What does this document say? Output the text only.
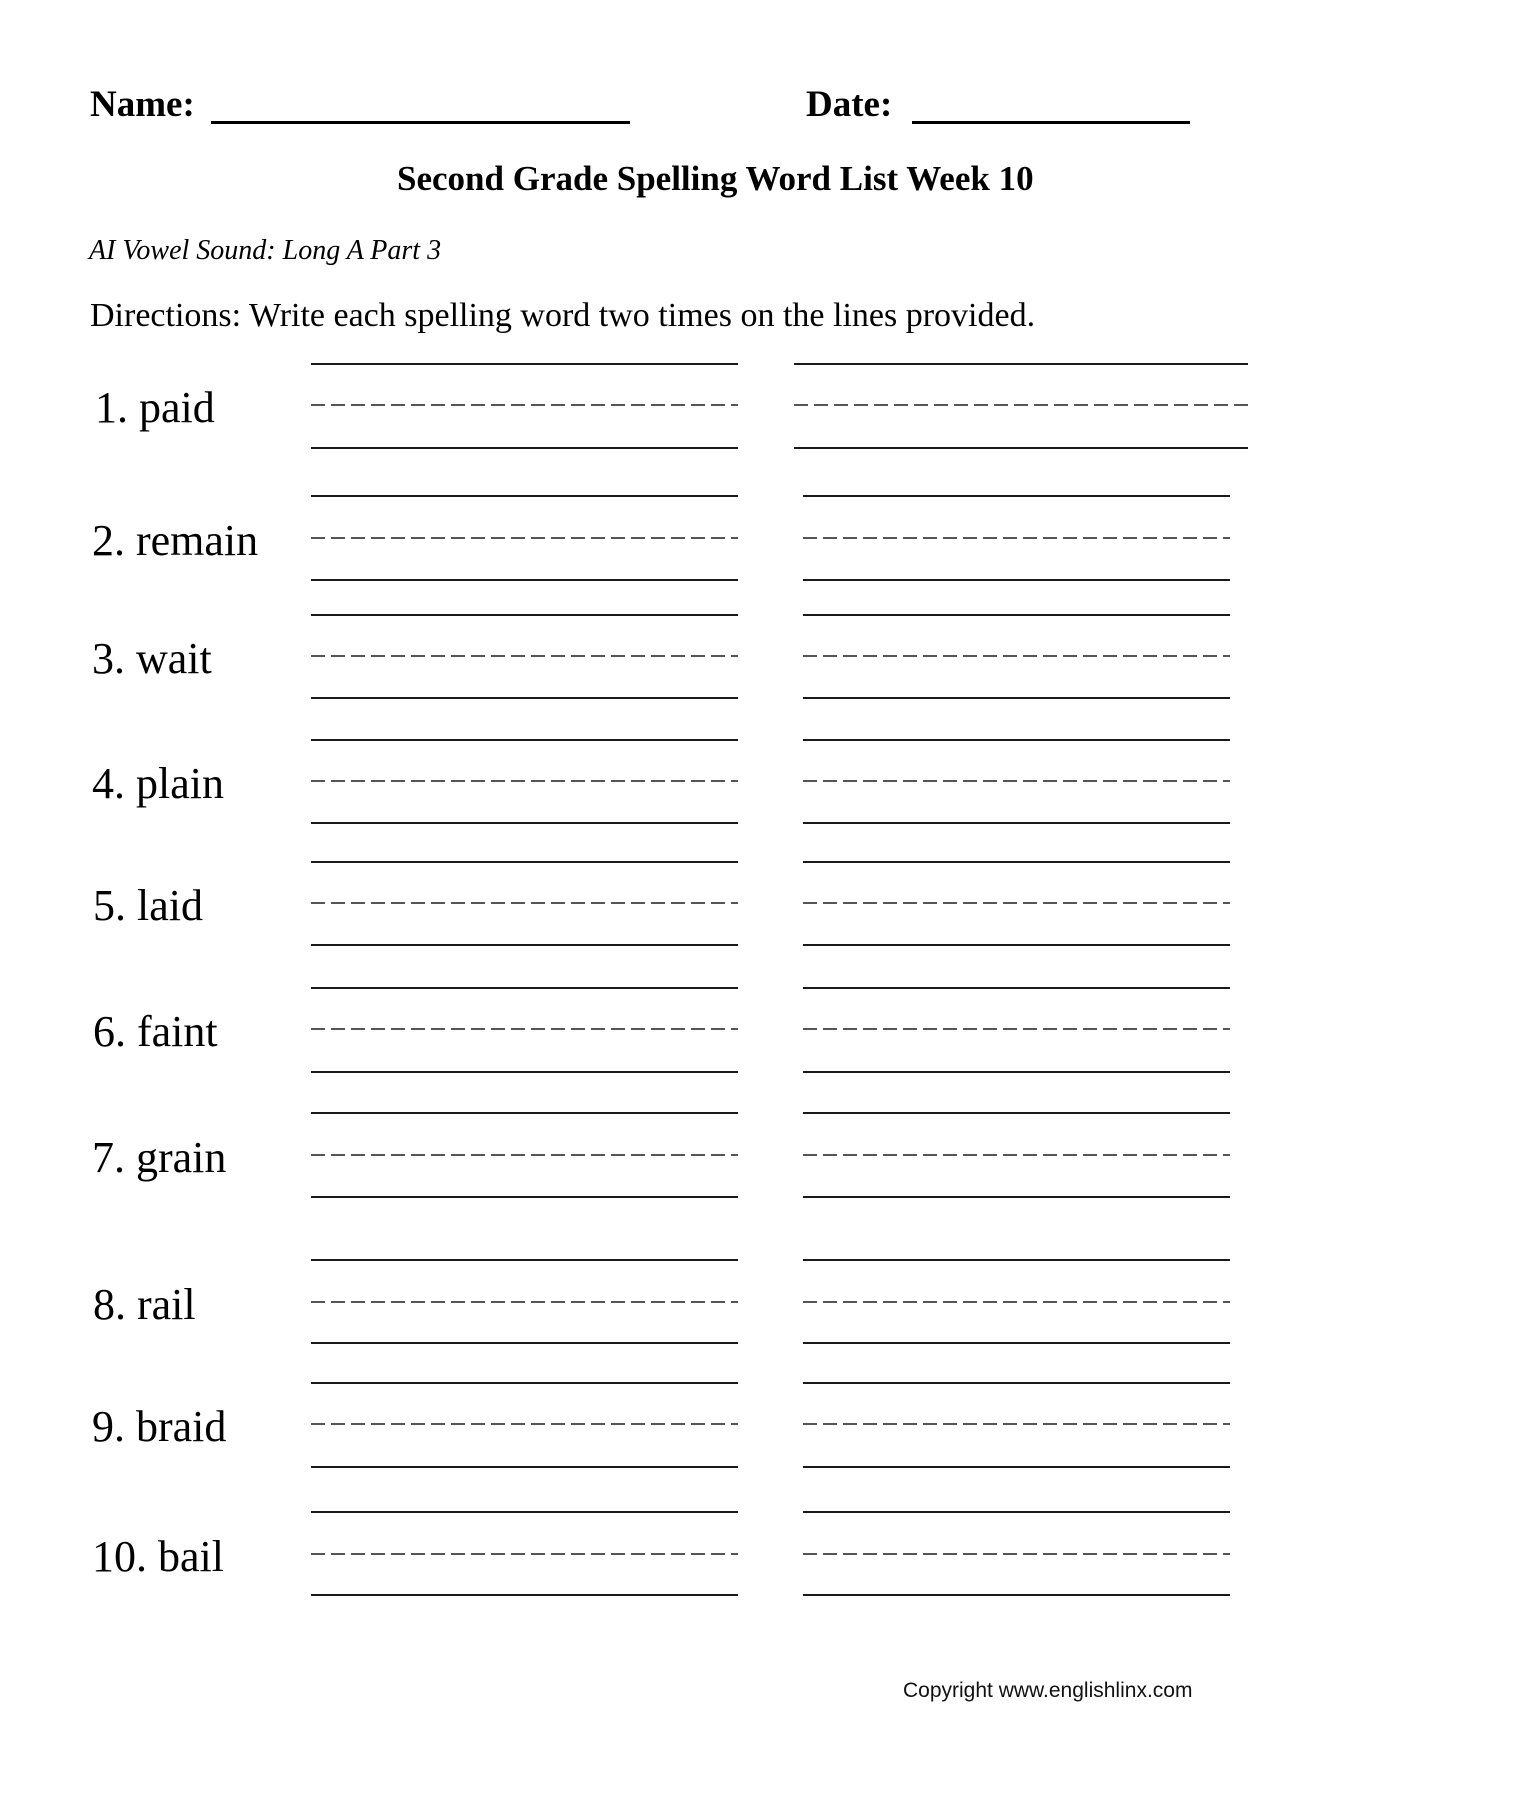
Name:	Date:
Second Grade Spelling Word List Week 10
AI Vowel Sound: Long A Part 3
Directions: Write each spelling word two times on the lines provided.
1. paid
2. remain
3. wait
4. plain
5. laid
6. faint
7. grain
8. rail
9. braid
10. bail
Copyright www.englishlinx.com
